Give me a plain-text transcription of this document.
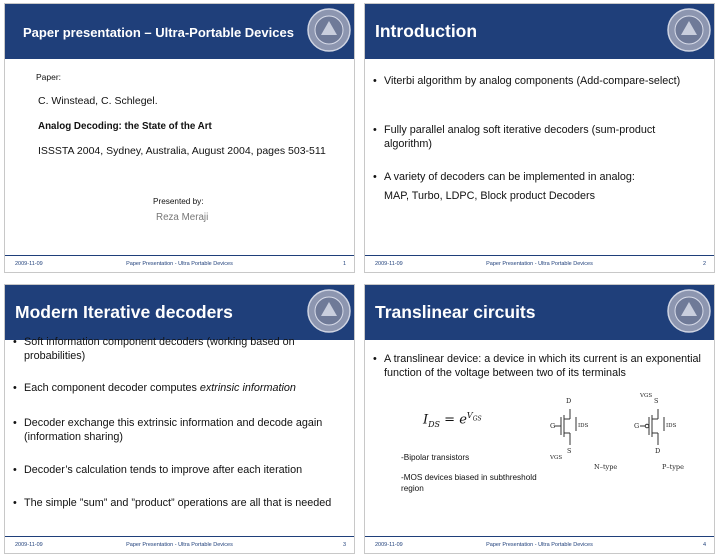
Paper presentation – Ultra-Portable Devices
Paper:
C. Winstead, C. Schlegel.
Analog Decoding: the State of the Art
ISSSTA 2004, Sydney, Australia, August 2004, pages 503-511
Presented by:
Reza Meraji
2009-11-09	Paper Presentation - Ultra Portable Devices	1
Introduction
• Viterbi algorithm by analog components (Add-compare-select)
• Fully parallel analog soft iterative decoders (sum-product algorithm)
• A variety of decoders can be implemented in analog:
MAP, Turbo, LDPC, Block product Decoders
2009-11-09	Paper Presentation - Ultra Portable Devices	2
Modern Iterative decoders
• Soft information component decoders (working based on probabilities)
• Each component decoder computes extrinsic information
• Decoder exchange this extrinsic information and decode again (information sharing)
• Decoder’s calculation tends to improve after each iteration
• The simple ”sum” and ”product” operations are all that is needed
2009-11-09	Paper Presentation - Ultra Portable Devices	3
Translinear circuits
• A translinear device: a device in which its current is an exponential function of the voltage between two of its terminals
$I_{DS} = e^{V_{GS}}$
D	S
G	G
S	D
IDS	IDS
VGS
VGS
N–type	P–type
-Bipolar transistors
-MOS devices biased in subthreshold region
2009-11-09	Paper Presentation - Ultra Portable Devices	4
